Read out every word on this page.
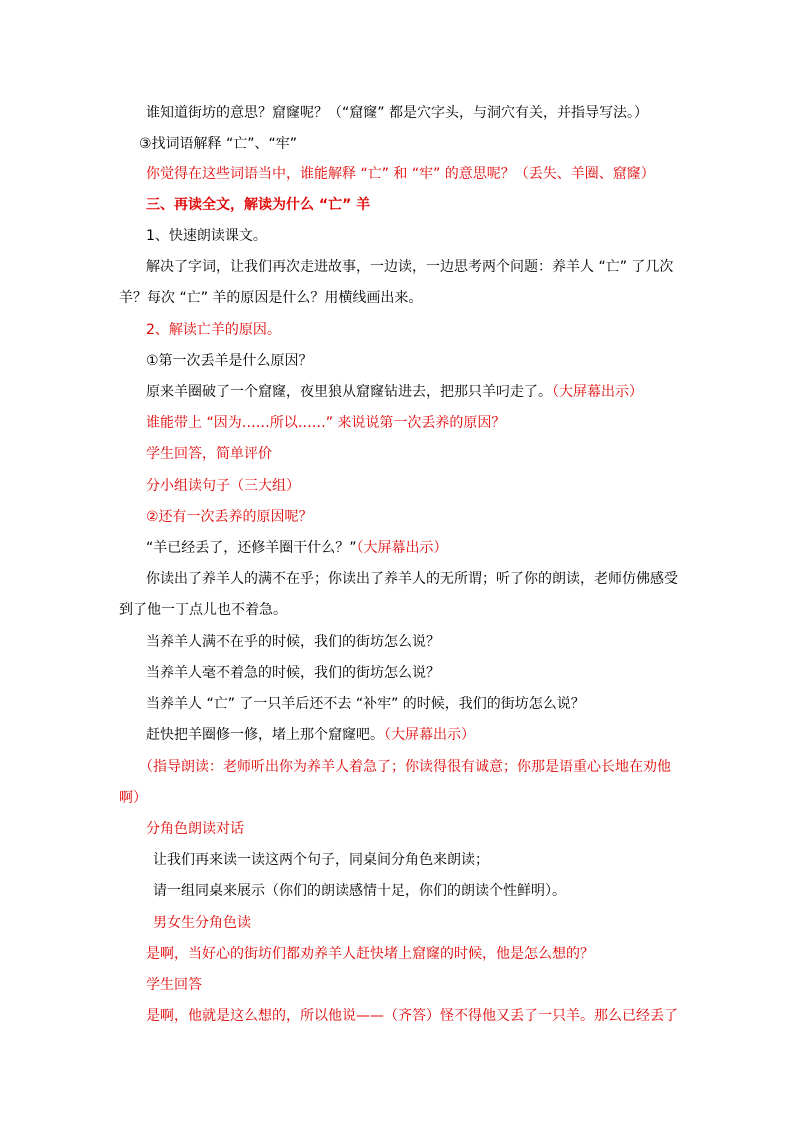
谁知道街坊的意思？窟窿呢？（“窟窿” 都是穴字头，与洞穴有关，并指导写法。）
③找词语解释 “亡”、“牢”
你觉得在这些词语当中，谁能解释 “亡” 和 “牢” 的意思呢？（丢失、羊圈、窟窿）
三、再读全文，解读为什么 “亡” 羊
1、快速朗读课文。
解决了字词，让我们再次走进故事，一边读，一边思考两个问题：养羊人 “亡” 了几次
羊？每次 “亡” 羊的原因是什么？用横线画出来。
2、解读亡羊的原因。
①第一次丢羊是什么原因？
原来羊圈破了一个窟窿，夜里狼从窟窿钻进去，把那只羊叼走了。（大屏幕出示）
谁能带上 “因为……所以……” 来说说第一次丢养的原因？
学生回答，简单评价
分小组读句子（三大组）
②还有一次丢养的原因呢？
“羊已经丢了，还修羊圈干什么？”（大屏幕出示）
你读出了养羊人的满不在乎；你读出了养羊人的无所谓；听了你的朗读，老师仿佛感受
到了他一丁点儿也不着急。
当养羊人满不在乎的时候，我们的街坊怎么说？
当养羊人毫不着急的时候，我们的街坊怎么说？
当养羊人 “亡” 了一只羊后还不去 “补牢” 的时候，我们的街坊怎么说？
赶快把羊圈修一修，堵上那个窟窿吧。（大屏幕出示）
（指导朗读：老师听出你为养羊人着急了；你读得很有诚意；你那是语重心长地在劝他
啊）
分角色朗读对话
让我们再来读一读这两个句子，同桌间分角色来朗读；
请一组同桌来展示（你们的朗读感情十足，你们的朗读个性鲜明）。
男女生分角色读
是啊，当好心的街坊们都劝养羊人赶快堵上窟窿的时候，他是怎么想的？
学生回答
是啊，他就是这么想的，所以他说——（齐答）怪不得他又丢了一只羊。那么已经丢了
